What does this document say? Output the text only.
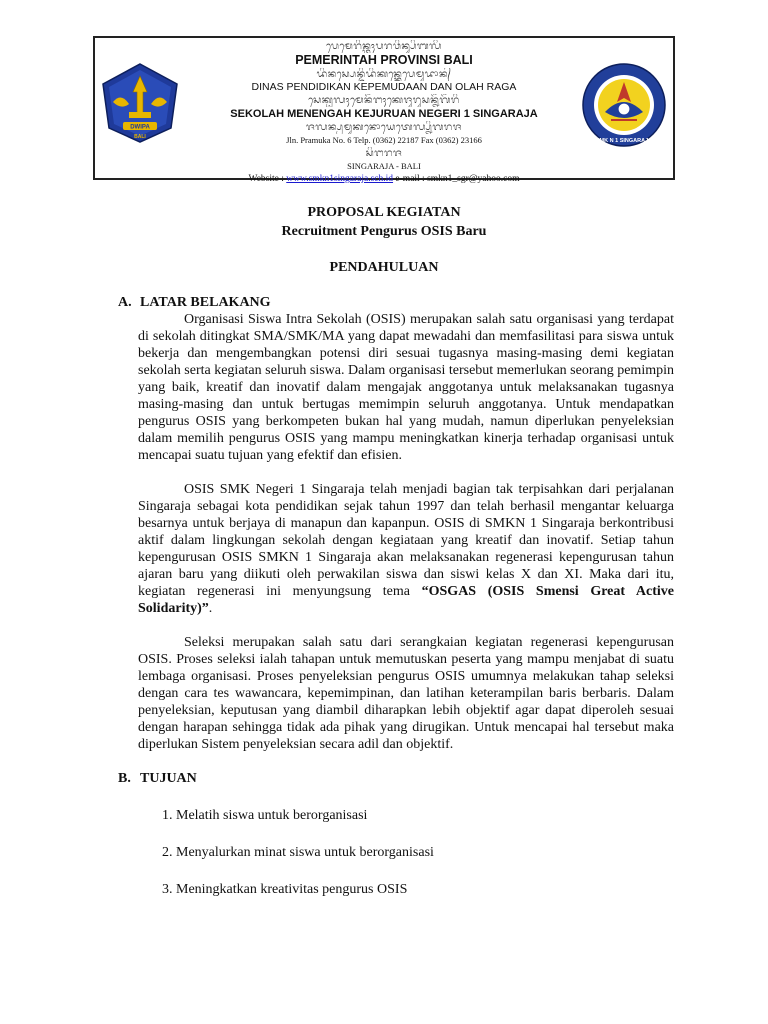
DWIPA
BALI
ᬧᬾᬫᬾᬭᬶᬦ᭄ᬢᬄᬧᬭᬯᬶᬦ᭄ᬲᬶᬩᬮᬶ
PEMERINTAH PROVINSI BALI
ᬤᬶᬦᬲ᭄ᬧᬾᬦ᭄ᬤᬶᬤᬶᬓᬦ᭄ᬓᬾᬧᬾᬫᬸᬤᬵᬦ᭄
DINAS PENDIDIKAN KEPEMUDAAN DAN OLAH RAGA
ᬲᬾᬓᬺᬮᬄᬫᬾᬦᭂᬗᬄᬓᬾᬚᬸᬭᬸᬲᬦ᭄ᬦᭂᬕᭂᬭᬶ
SEKOLAH MENENGAH KEJURUAN NEGERI 1 SINGARAJA
ᬚᬮᬦ᭄ᬧ᭄ᬭᬫᬸᬓᬦᭀᬬᬾᬢᬾᬮ᭄ᬧ᭄ᬦᬶᬕᬭᬚ
Jln. Pramuka No. 6 Telp. (0362) 22187 Fax (0362) 23166
ᬲᬶᬗᬭᬚ
SINGARAJA - BALI
Website : www.smkn1singaraja.sch.id e-mail : smkn1_sgr@yahoo.com
SMK N 1 SINGARAJA
PROPOSAL KEGIATAN
Recruitment Pengurus OSIS Baru
PENDAHULUAN

A. LATAR BELAKANG

Organisasi Siswa Intra Sekolah (OSIS) merupakan salah satu organisasi yang terdapat di sekolah ditingkat SMA/SMK/MA yang dapat mewadahi dan memfasilitasi para siswa untuk bekerja dan mengembangkan potensi diri sesuai tugasnya masing-masing demi kegiatan sekolah serta kegiatan seluruh siswa. Dalam organisasi tersebut memerlukan seorang pemimpin yang baik, kreatif dan inovatif dalam mengajak anggotanya untuk melaksanakan tugasnya masing-masing dan untuk bertugas memimpin seluruh anggotanya. Untuk mendapatkan pengurus OSIS yang berkompeten bukan hal yang mudah, namun diperlukan penyeleksian dalam memilih pengurus OSIS yang mampu meningkatkan kinerja terhadap organisasi untuk mencapai suatu tujuan yang efektif dan efisien.

OSIS SMK Negeri 1 Singaraja telah menjadi bagian tak terpisahkan dari perjalanan Singaraja sebagai kota pendidikan sejak tahun 1997 dan telah berhasil mengantar keluarga besarnya untuk berjaya di manapun dan kapanpun. OSIS di SMKN 1 Singaraja berkontribusi aktif dalam lingkungan sekolah dengan kegiataan yang kreatif dan inovatif. Setiap tahun kepengurusan OSIS SMKN 1 Singaraja akan melaksanakan regenerasi kepengurusan tahun ajaran baru yang diikuti oleh perwakilan siswa dan siswi kelas X dan XI. Maka dari itu, kegiatan regenerasi ini menyungsung tema “OSGAS (OSIS Smensi Great Active Solidarity)”.

Seleksi merupakan salah satu dari serangkaian kegiatan regenerasi kepengurusan OSIS. Proses seleksi ialah tahapan untuk memutuskan peserta yang mampu menjabat di suatu lembaga organisasi. Proses penyeleksian pengurus OSIS umumnya melakukan tahap seleksi dengan cara tes wawancara, kepemimpinan, dan latihan keterampilan baris berbaris. Dalam penyeleksian, keputusan yang diambil diharapkan lebih objektif agar dapat diperoleh sesuai dengan harapan sehingga tidak ada pihak yang dirugikan. Untuk mencapai hal tersebut maka diperlukan Sistem penyeleksian secara adil dan objektif.

B. TUJUAN

1. Melatih siswa untuk berorganisasi
2. Menyalurkan minat siswa untuk berorganisasi
3. Meningkatkan kreativitas pengurus OSIS
